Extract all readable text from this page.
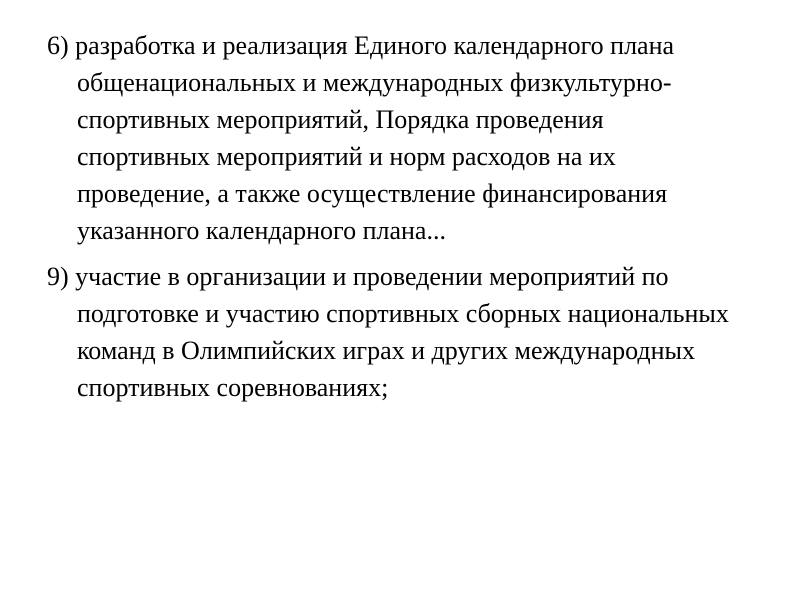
6) разработка и реализация Единого календарного плана общенациональных и международных физкультурно-спортивных мероприятий, Порядка проведения спортивных мероприятий и норм расходов на их проведение, а также осуществление финансирования указанного календарного плана...

9) участие в организации и проведении мероприятий по подготовке и участию спортивных сборных национальных команд в Олимпийских играх и других международных спортивных соревнованиях;
